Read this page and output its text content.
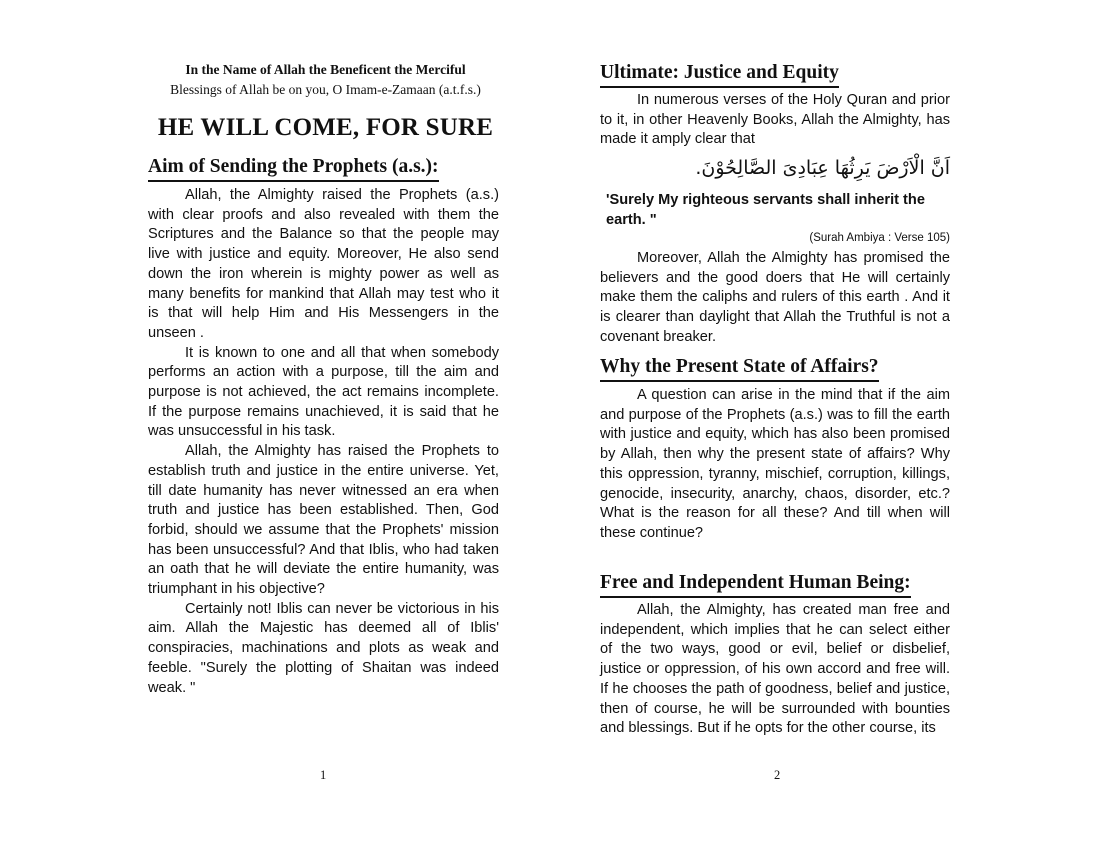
In the Name of Allah the Beneficent the Merciful
Blessings of Allah be on you, O Imam-e-Zamaan (a.t.f.s.)
HE WILL COME, FOR SURE
Aim of Sending the Prophets (a.s.):

Allah, the Almighty raised the Prophets (a.s.) with clear proofs and also revealed with them the Scriptures and the Balance so that the people may live with justice and equity. Moreover, He also send down the iron wherein is mighty power as well as many benefits for mankind that Allah may test who it is that will help Him and His Messengers in the unseen .

It is known to one and all that when somebody performs an action with a purpose, till the aim and purpose is not achieved, the act remains incomplete. If the purpose remains unachieved, it is said that he was unsuccessful in his task.

Allah, the Almighty has raised the Prophets to establish truth and justice in the entire universe. Yet, till date humanity has never witnessed an era when truth and justice has been established. Then, God forbid, should we assume that the Prophets' mission has been unsuccessful? And that Iblis, who had taken an oath that he will deviate the entire humanity, was triumphant in his objective?

Certainly not! Iblis can never be victorious in his aim. Allah the Majestic has deemed all of Iblis' conspiracies, machinations and plots as weak and feeble. "Surely the plotting of Shaitan was indeed weak. "

1
Ultimate: Justice and Equity

In numerous verses of the Holy Quran and prior to it, in other Heavenly Books, Allah the Almighty, has made it amply clear that

اَنَّ الْاَرْضَ يَرِثُهَا عِبَادِىَ الصَّالِحُوْنَ.
'Surely My righteous servants shall inherit the earth. "
(Surah Ambiya : Verse 105)

Moreover, Allah the Almighty has promised the believers and the good doers that He will certainly make them the caliphs and rulers of this earth . And it is clearer than daylight that Allah the Truthful is not a covenant breaker.

Why the Present State of Affairs?

A question can arise in the mind that if the aim and purpose of the Prophets (a.s.) was to fill the earth with justice and equity, which has also been promised by Allah, then why the present state of affairs? Why this oppression, tyranny, mischief, corruption, killings, genocide, insecurity, anarchy, chaos, disorder, etc.? What is the reason for all these? And till when will these continue?

Free and Independent Human Being:

Allah, the Almighty, has created man free and independent, which implies that he can select either of the two ways, good or evil, belief or disbelief, justice or oppression, of his own accord and free will. If he chooses the path of goodness, belief and justice, then of course, he will be surrounded with bounties and blessings. But if he opts for the other course, its

2
